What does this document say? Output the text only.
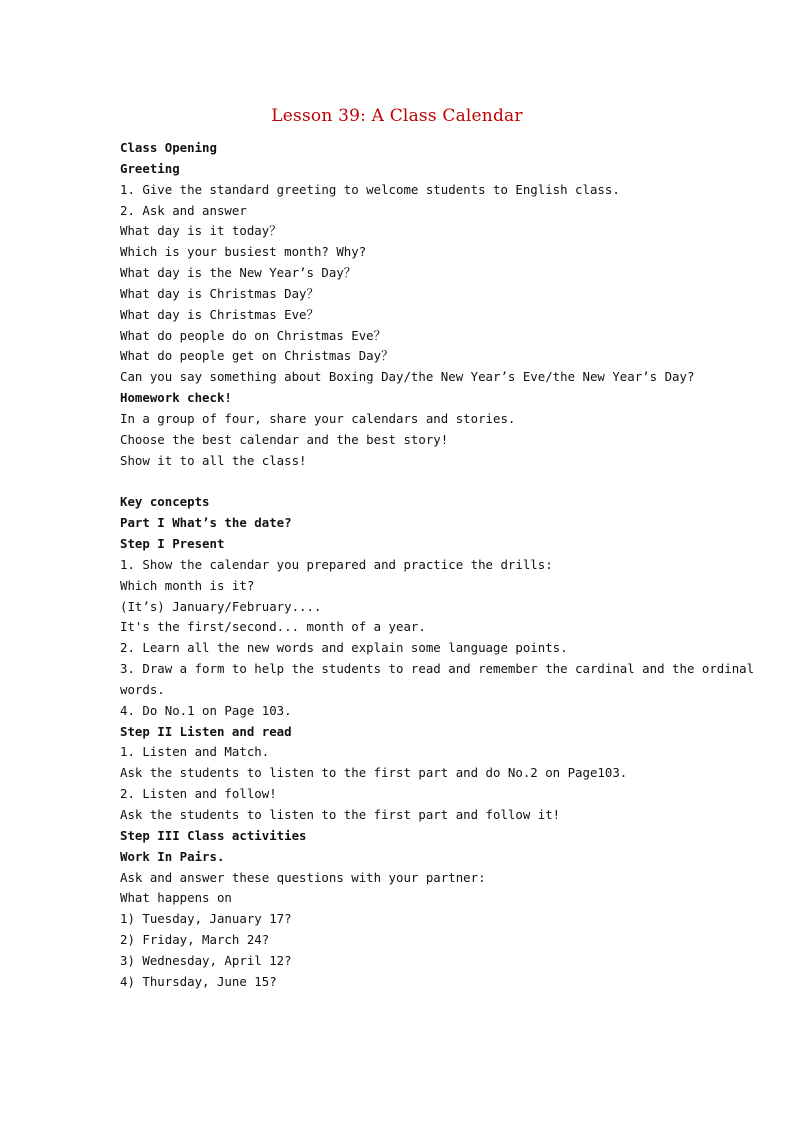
Lesson 39: A Class Calendar
Class Opening
Greeting
1. Give the standard greeting to welcome students to English class.
2. Ask and answer
What day is it today？
Which is your busiest month? Why?
What day is the New Year’s Day？
What day is Christmas Day？
What day is Christmas Eve？
What do people do on Christmas Eve？
What do people get on Christmas Day？
Can you say something about Boxing Day/the New Year’s Eve/the New Year’s Day?
Homework check!
In a group of four, share your calendars and stories.
Choose the best calendar and the best story!
Show it to all the class!
Key concepts
Part I What’s the date?
Step I Present
1. Show the calendar you prepared and practice the drills:
Which month is it?
(It’s) January/February....
It's the first/second... month of a year.
2. Learn all the new words and explain some language points.
3. Draw a form to help the students to read and remember the cardinal and the ordinal
words.
4. Do No.1 on Page 103.
Step II Listen and read
1. Listen and Match.
Ask the students to listen to the first part and do No.2 on Page103.
2. Listen and follow!
Ask the students to listen to the first part and follow it!
Step III Class activities
Work In Pairs.
Ask and answer these questions with your partner:
What happens on
1) Tuesday, January 17?
2) Friday, March 24?
3) Wednesday, April 12?
4) Thursday, June 15?
